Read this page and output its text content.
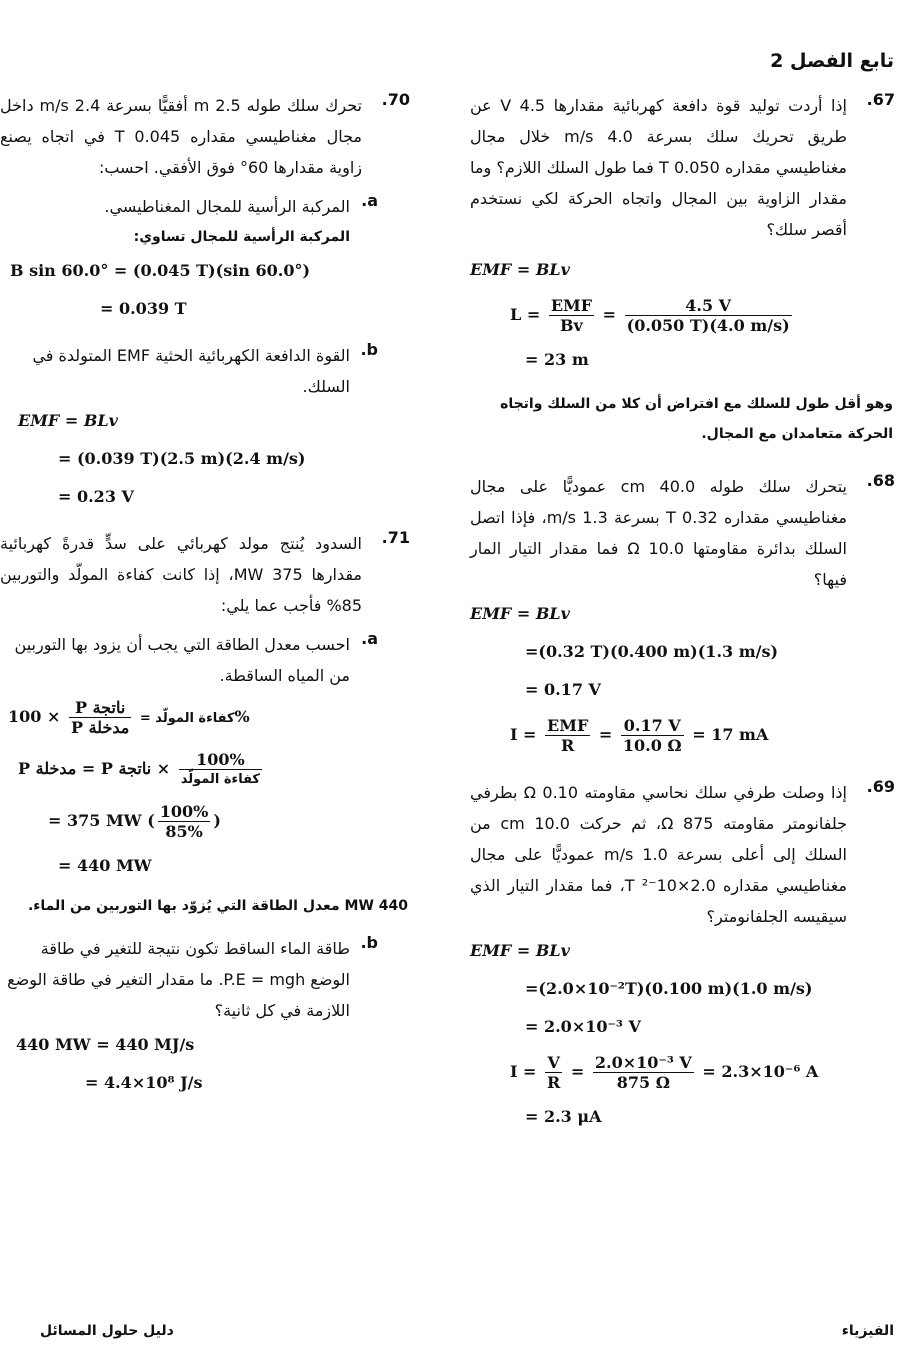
تابع الفصل 2
.67
إذا أردت توليد قوة دافعة كهربائية مقدارها 4.5 V عن طريق تحريك سلك بسرعة 4.0 m/s خلال مجال مغناطيسي مقداره 0.050 T فما طول السلك اللازم؟ وما مقدار الزاوية بين المجال واتجاه الحركة لكي نستخدم أقصر سلك؟
EMF = BLv
$L = \frac{\text{EMF}}{Bv} = \frac{4.5 V}{(0.050 T)(4.0 m/s)}$
= 23 m
وهو أقل طول للسلك مع افتراض أن كلا من السلك واتجاه الحركة متعامدان مع المجال.
.68
يتحرك سلك طوله 40.0 cm عموديًّا على مجال مغناطيسي مقداره 0.32 T بسرعة 1.3 m/s، فإذا اتصل السلك بدائرة مقاومتها 10.0 Ω فما مقدار التيار المار فيها؟
EMF = BLv
=(0.32 T)(0.400 m)(1.3 m/s)
= 0.17 V
$I = \frac{\text{EMF}}{R} = \frac{0.17 V}{10.0 \Omega} = 17$ mA
.69
إذا وصلت طرفي سلك نحاسي مقاومته 0.10 Ω بطرفي جلفانومتر مقاومته 875 Ω، ثم حركت 10.0 cm من السلك إلى أعلى بسرعة 1.0 m/s عموديًّا على مجال مغناطيسي مقداره 2.0×10⁻² T، فما مقدار التيار الذي سيقيسه الجلفانومتر؟
EMF = BLv
=(2.0×10⁻²T)(0.100 m)(1.0 m/s)
= 2.0×10⁻³ V
$I = \frac{V}{R} = \frac{\text{2.0×10⁻³ V}}{875 \Omega} = 2.3\times 10^{-6}$ A
= 2.3 μA
.70
تحرك سلك طوله 2.5 m أفقيًّا بسرعة 2.4 m/s داخل مجال مغناطيسي مقداره 0.045 T في اتجاه يصنع زاوية مقدارها 60° فوق الأفقي. احسب:
.a
المركبة الرأسية للمجال المغناطيسي.
المركبة الرأسية للمجال تساوي:
B sin 60.0° = (0.045 T)(sin 60.0°)
= 0.039 T
.b
القوة الدافعة الكهربائية الحثية EMF المتولدة في السلك.
EMF = BLv
= (0.039 T)(2.5 m)(2.4 m/s)
= 0.23 V
.71
السدود يُنتج مولد كهربائي على سدٍّ قدرةً كهربائية مقدارها 375 MW، إذا كانت كفاءة المولّد والتوربين 85% فأجب عما يلي:
.a
احسب معدل الطاقة التي يجب أن يزود بها التوربين من المياه الساقطة.
كفاءة المولّد =
$\frac{\text{P ناتجة}}{\text{P مدخلة}}$
× 100%
P مدخلة = P ناتجة × $\frac{100\%}{\text{كفاءة المولّد}}$
= 375 MW ( $\frac{100\%}{85\%}$ )
= 440 MW
440 MW معدل الطاقة التي يُزوّد بها التوربين من الماء.
.b
طاقة الماء الساقط تكون نتيجة للتغير في طاقة الوضع P.E = mgh. ما مقدار التغير في طاقة الوضع اللازمة في كل ثانية؟
440 MW = 440 MJ/s
= 4.4×10⁸ J/s
الفيزياء
دليل حلول المسائل
